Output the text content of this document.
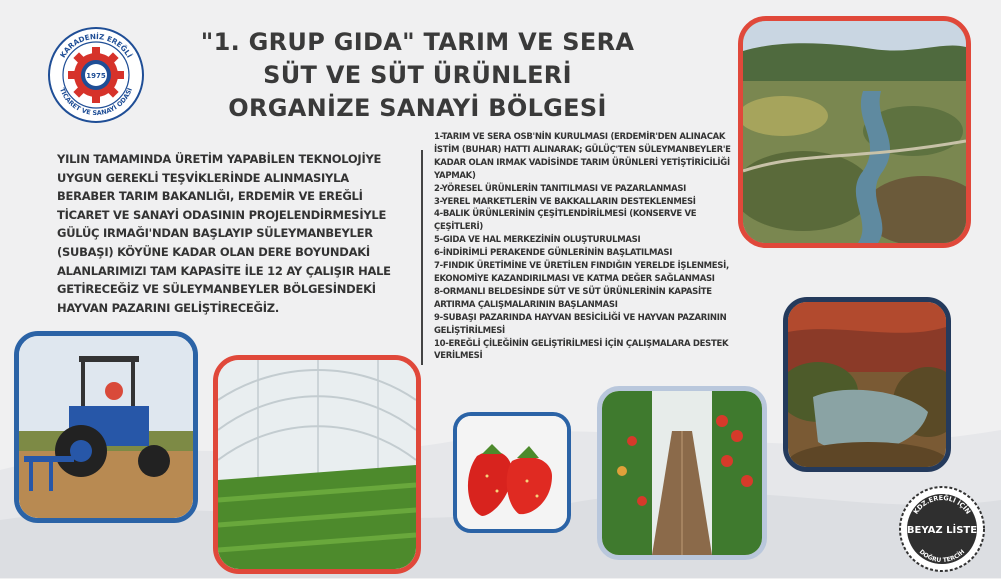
KARADENİZ EREĞLİ
TİCARET VE SANAYİ ODASI
1975
"1. GRUP GIDA" TARIM VE SERA
SÜT VE SÜT ÜRÜNLERİ
ORGANİZE SANAYİ BÖLGESİ
YILIN TAMAMINDA ÜRETİM YAPABİLEN TEKNOLOJİYE UYGUN GEREKLİ TEŞVİKLERİNDE ALINMASIYLA BERABER TARIM BAKANLIĞI, ERDEMİR VE EREĞLİ TİCARET VE SANAYİ ODASININ PROJELENDİRMESİYLE GÜLÜÇ IRMAĞI'NDAN BAŞLAYIP SÜLEYMANBEYLER (SUBAŞI) KÖYÜNE KADAR OLAN DERE BOYUNDAKİ ALANLARIMIZI TAM KAPASİTE İLE 12 AY ÇALIŞIR HALE GETİRECEĞİZ VE SÜLEYMANBEYLER BÖLGESİNDEKİ HAYVAN PAZARINI GELİŞTİRECEĞİZ.
1-TARIM VE SERA OSB'NİN KURULMASI (ERDEMİR'DEN ALINACAK İSTİM (BUHAR) HATTI ALINARAK; GÜLÜÇ'TEN SÜLEYMANBEYLER'E KADAR OLAN IRMAK VADİSİNDE TARIM ÜRÜNLERİ YETİŞTİRİCİLİĞİ YAPMAK)
2-YÖRESEL ÜRÜNLERİN TANITILMASI VE PAZARLANMASI
3-YEREL MARKETLERİN VE BAKKALLARIN DESTEKLENMESİ
4-BALIK ÜRÜNLERİNİN ÇEŞİTLENDİRİLMESİ (KONSERVE VE ÇEŞİTLERİ)
5-GIDA VE HAL MERKEZİNİN OLUŞTURULMASI
6-İNDİRİMLİ PERAKENDE GÜNLERİNİN BAŞLATILMASI
7-FINDIK ÜRETİMİNE VE ÜRETİLEN FINDIĞIN YERELDE İŞLENMESİ, EKONOMİYE KAZANDIRILMASI VE KATMA DEĞER SAĞLANMASI
8-ORMANLI BELDESİNDE SÜT VE SÜT ÜRÜNLERİNİN KAPASİTE ARTIRMA ÇALIŞMALARININ BAŞLANMASI
9-SUBAŞI PAZARINDA HAYVAN BESİCİLİĞİ VE HAYVAN PAZARININ GELİŞTİRİLMESİ
10-EREĞLİ ÇİLEĞİNİN GELİŞTİRİLMESİ İÇİN ÇALIŞMALARA DESTEK VERİLMESİ
KDZ.EREĞLİ İÇİN
DOĞRU TERCİH
BEYAZ LİSTE
